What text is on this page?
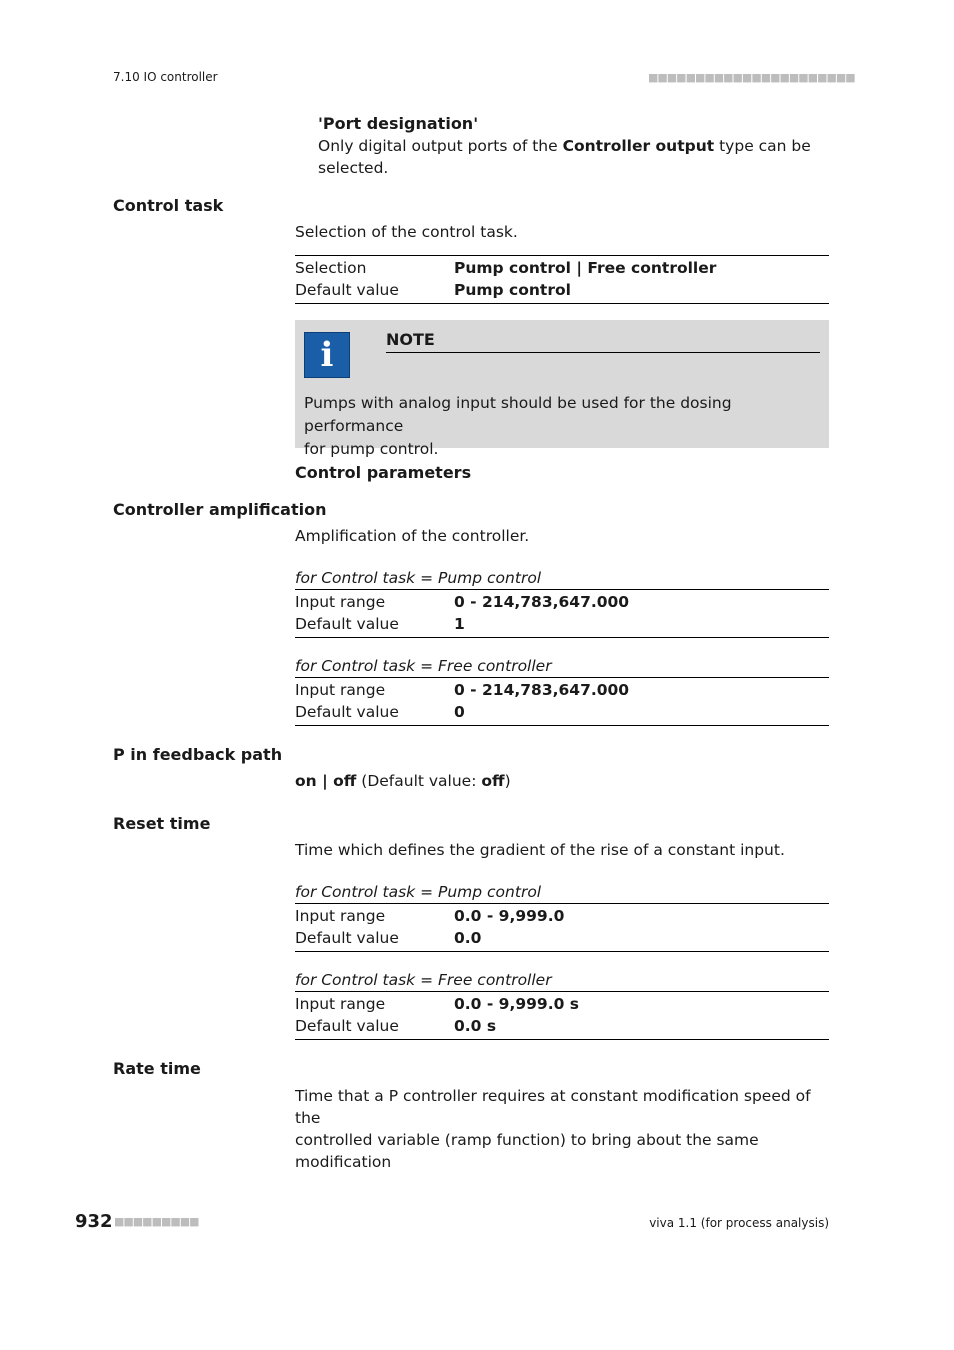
7.10 IO controller	■■■■■■■■■■■■■■■■■■■■■■
'Port designation'
Only digital output ports of the Controller output type can be
selected.
Control task
Selection of the control task.
Selection	Pump control | Free controller
Default value	Pump control
i	NOTE
Pumps with analog input should be used for the dosing performance
for pump control.
Control parameters
Controller amplification
Amplification of the controller.
for Control task = Pump control
Input range	0 - 214,783,647.000
Default value	1
for Control task = Free controller
Input range	0 - 214,783,647.000
Default value	0
P in feedback path
on | off (Default value: off)
Reset time
Time which defines the gradient of the rise of a constant input.
for Control task = Pump control
Input range	0.0 - 9,999.0
Default value	0.0
for Control task = Free controller
Input range	0.0 - 9,999.0 s
Default value	0.0 s
Rate time
Time that a P controller requires at constant modification speed of the
controlled variable (ramp function) to bring about the same modification
932 ■■■■■■■■■	viva 1.1 (for process analysis)
